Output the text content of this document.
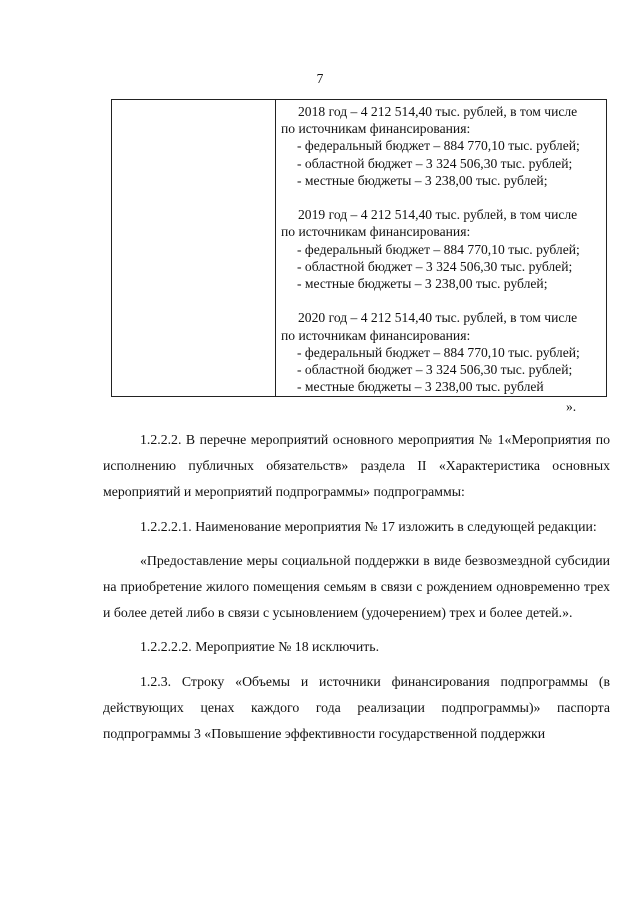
7
2018 год – 4 212 514,40 тыс. рублей, в том числе
по источникам финансирования:
- федеральный бюджет – 884 770,10 тыс. рублей;
- областной бюджет – 3 324 506,30 тыс. рублей;
- местные бюджеты – 3 238,00 тыс. рублей;
2019 год – 4 212 514,40 тыс. рублей, в том числе
по источникам финансирования:
- федеральный бюджет – 884 770,10 тыс. рублей;
- областной бюджет – 3 324 506,30 тыс. рублей;
- местные бюджеты – 3 238,00 тыс. рублей;
2020 год – 4 212 514,40 тыс. рублей, в том числе
по источникам финансирования:
- федеральный бюджет – 884 770,10 тыс. рублей;
- областной бюджет – 3 324 506,30 тыс. рублей;
- местные бюджеты – 3 238,00 тыс. рублей
».

1.2.2.2. В перечне мероприятий основного мероприятия № 1«Мероприятия по исполнению публичных обязательств» раздела II «Характеристика основных мероприятий и мероприятий подпрограммы» подпрограммы:

1.2.2.2.1. Наименование мероприятия № 17 изложить в следующей редакции:

«Предоставление меры социальной поддержки в виде безвозмездной субсидии на приобретение жилого помещения семьям в связи с рождением одновременно трех и более детей либо в связи с усыновлением (удочерением) трех и более детей.».

1.2.2.2.2. Мероприятие № 18 исключить.

1.2.3. Строку «Объемы и источники финансирования подпрограммы (в действующих ценах каждого года реализации подпрограммы)» паспорта подпрограммы 3 «Повышение эффективности государственной поддержки
